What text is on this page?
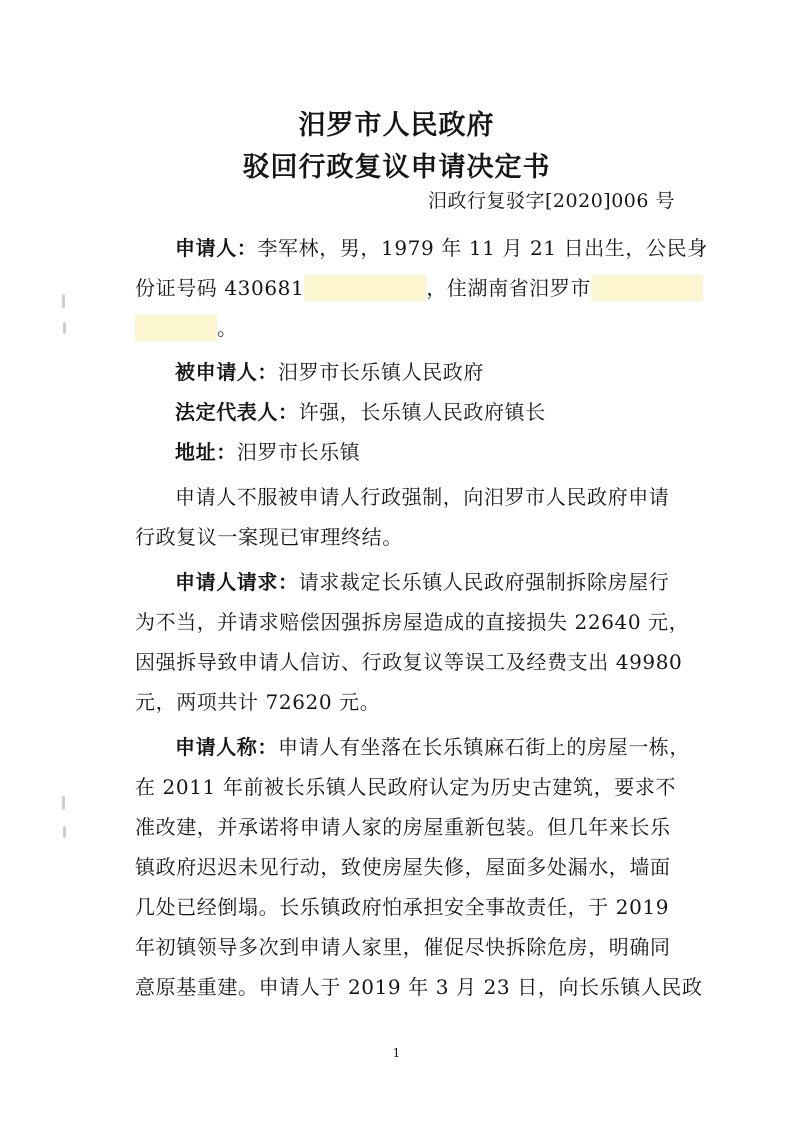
汨罗市人民政府
驳回行政复议申请决定书
汨政行复驳字[2020]006 号
申请人：李军林，男，1979 年 11 月 21 日出生，公民身
份证号码 430681	，住湖南省汨罗市
。
被申请人：汨罗市长乐镇人民政府
法定代表人：许强，长乐镇人民政府镇长
地址：汨罗市长乐镇
申请人不服被申请人行政强制，向汨罗市人民政府申请
行政复议一案现已审理终结。
申请人请求：请求裁定长乐镇人民政府强制拆除房屋行
为不当，并请求赔偿因强拆房屋造成的直接损失 22640 元，
因强拆导致申请人信访、行政复议等误工及经费支出 49980
元，两项共计 72620 元。
申请人称：申请人有坐落在长乐镇麻石街上的房屋一栋，
在 2011 年前被长乐镇人民政府认定为历史古建筑，要求不
准改建，并承诺将申请人家的房屋重新包装。但几年来长乐
镇政府迟迟未见行动，致使房屋失修，屋面多处漏水，墙面
几处已经倒塌。长乐镇政府怕承担安全事故责任，于 2019
年初镇领导多次到申请人家里，催促尽快拆除危房，明确同
意原基重建。申请人于 2019 年 3 月 23 日，向长乐镇人民政
1
